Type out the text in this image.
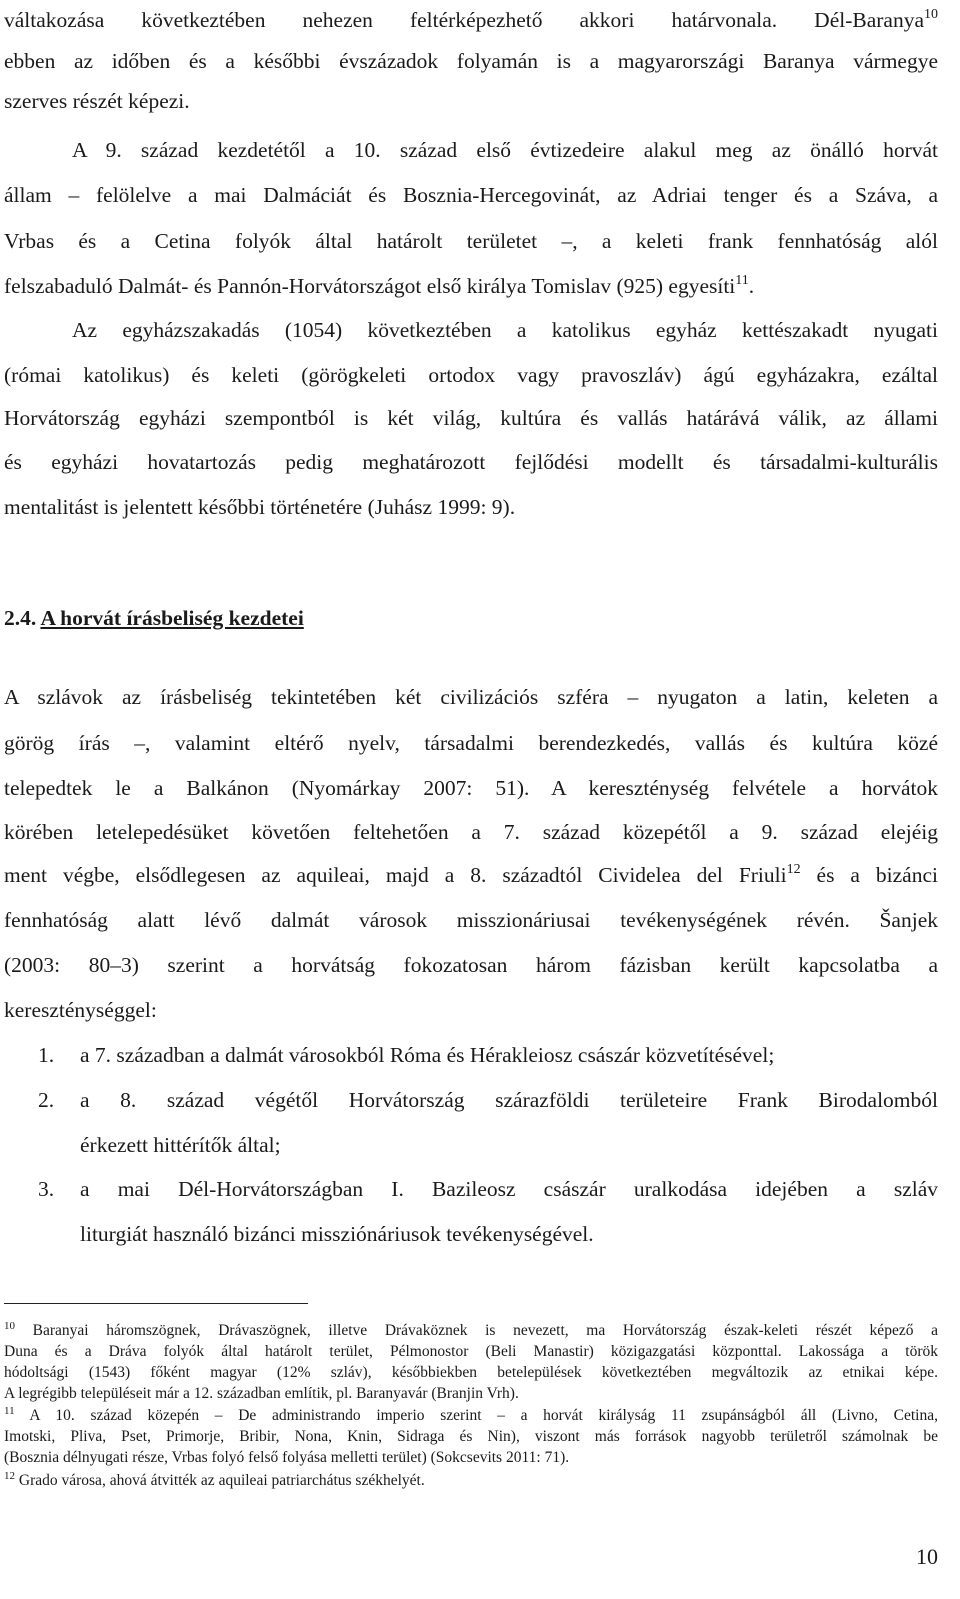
váltakozása következtében nehezen feltérképezhető akkori határvonala. Dél-Baranya$^{10}$
ebben az időben és a későbbi évszázadok folyamán is a magyarországi Baranya vármegye
szerves részét képezi.
A 9. század kezdetétől a 10. század első évtizedeire alakul meg az önálló horvát
állam – felölelve a mai Dalmáciát és Bosznia-Hercegovinát, az Adriai tenger és a Száva, a
Vrbas és a Cetina folyók által határolt területet –, a keleti frank fennhatóság alól
felszabaduló Dalmát- és Pannón-Horvátországot első királya Tomislav (925) egyesíti$^{11}$.
Az egyházszakadás (1054) következtében a katolikus egyház kettészakadt nyugati
(római katolikus) és keleti (görögkeleti ortodox vagy pravoszláv) ágú egyházakra, ezáltal
Horvátország egyházi szempontból is két világ, kultúra és vallás határává válik, az állami
és egyházi hovatartozás pedig meghatározott fejlődési modellt és társadalmi-kulturális
mentalitást is jelentett későbbi történetére (Juhász 1999: 9).
2.4. A horvát írásbeliség kezdetei
A szlávok az írásbeliség tekintetében két civilizációs szféra – nyugaton a latin, keleten a
görög írás –, valamint eltérő nyelv, társadalmi berendezkedés, vallás és kultúra közé
telepedtek le a Balkánon (Nyomárkay 2007: 51). A kereszténység felvétele a horvátok
körében letelepedésüket követően feltehetően a 7. század közepétől a 9. század elejéig
ment végbe, elsődlegesen az aquileai, majd a 8. századtól Cividelea del Friuli$^{12}$ és a bizánci
fennhatóság alatt lévő dalmát városok misszionáriusai tevékenységének révén. Šanjek
(2003: 80–3) szerint a horvátság fokozatosan három fázisban került kapcsolatba a
kereszténységgel:
1. a 7. században a dalmát városokból Róma és Hérakleiosz császár közvetítésével;
2. a 8. század végétől Horvátország szárazföldi területeire Frank Birodalomból
érkezett hittérítők által;
3. a mai Dél-Horvátországban I. Bazileosz császár uralkodása idejében a szláv
liturgiát használó bizánci missziónáriusok tevékenységével.
$^{10}$ Baranyai háromszögnek, Drávaszögnek, illetve Drávaköznek is nevezett, ma Horvátország észak-keleti részét képező a
Duna és a Dráva folyók által határolt terület, Pélmonostor (Beli Manastir) közigazgatási központtal. Lakossága a török
hódoltsági (1543) főként magyar (12% szláv), későbbiekben betelepülések következtében megváltozik az etnikai képe.
A legrégibb településeit már a 12. században említik, pl. Baranyavár (Branjin Vrh).
$^{11}$ A 10. század közepén – De administrando imperio szerint – a horvát királyság 11 zsupánságból áll (Livno, Cetina,
Imotski, Pliva, Pset, Primorje, Bribir, Nona, Knin, Sidraga és Nin), viszont más források nagyobb területről számolnak be
(Bosznia délnyugati része, Vrbas folyó felső folyása melletti terület) (Sokcsevits 2011: 71).
$^{12}$ Grado városa, ahová átvitték az aquileai patriarchátus székhelyét.
10
